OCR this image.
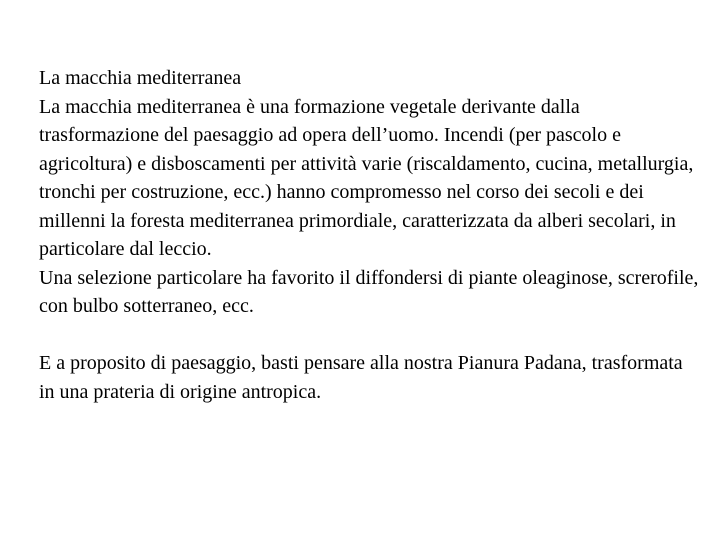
La macchia mediterranea

La macchia mediterranea è una formazione vegetale derivante dalla trasformazione del paesaggio ad opera dell’uomo. Incendi (per pascolo e agricoltura) e disboscamenti per attività varie (riscaldamento, cucina, metallurgia, tronchi per costruzione, ecc.) hanno compromesso nel corso dei secoli e dei millenni la foresta mediterranea primordiale, caratterizzata da alberi secolari, in particolare dal leccio.

Una selezione particolare ha favorito il diffondersi di piante oleaginose, screrofile, con bulbo sotterraneo, ecc.

E a proposito di paesaggio, basti pensare alla nostra Pianura Padana, trasformata in una prateria di origine antropica.
